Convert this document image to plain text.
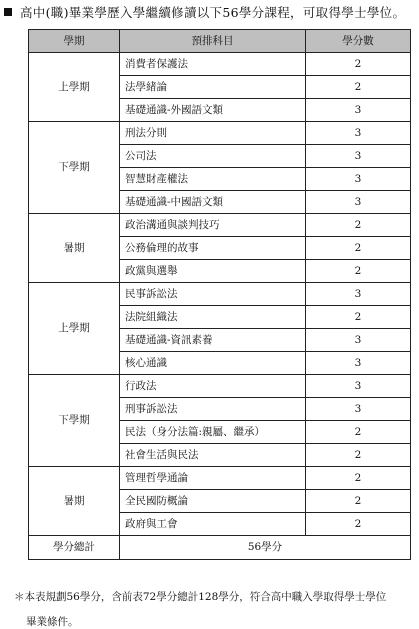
高中(職)畢業學歷入學繼續修讀以下56學分課程，可取得學士學位。
學期	預排科目	學分數
上學期	消費者保護法	2
	法學緒論	2
	基礎通識-外國語文類	3
下學期	刑法分則	3
	公司法	3
	智慧財產權法	3
	基礎通識-中國語文類	3
暑期	政治溝通與談判技巧	2
	公務倫理的故事	2
	政黨與選舉	2
上學期	民事訴訟法	3
	法院組織法	2
	基礎通識-資訊素養	3
	核心通識	3
下學期	行政法	3
	刑事訴訟法	3
	民法（身分法篇:親屬、繼承）	2
	社會生活與民法	2
暑期	管理哲學通論	2
	全民國防概論	2
	政府與工會	2
學分總計	56學分	
＊本表規劃56學分，含前表72學分總計128學分，符合高中職入學取得學士學位
畢業條件。
